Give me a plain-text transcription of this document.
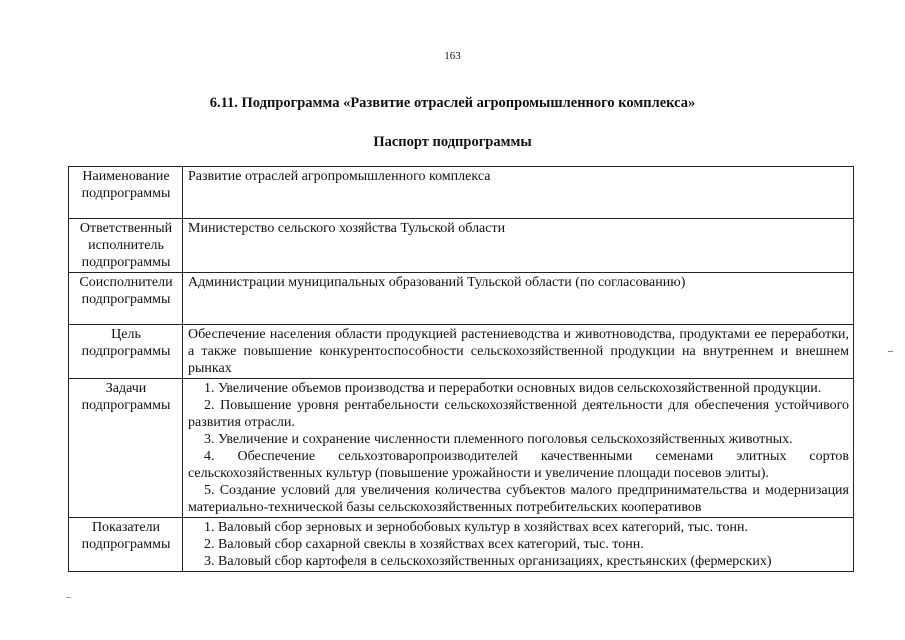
163
6.11. Подпрограмма «Развитие отраслей агропромышленного комплекса»
Паспорт подпрограммы
Наименование подпрограммы	Развитие отраслей агропромышленного комплекса
Ответственный исполнитель подпрограммы	Министерство сельского хозяйства Тульской области
Соисполнители подпрограммы	Администрации муниципальных образований Тульской области (по согласованию)
Цель подпрограммы	Обеспечение населения области продукцией растениеводства и животноводства, продуктами ее переработки, а также повышение конкурентоспособности сельскохозяйственной продукции на внутреннем и внешнем рынках
Задачи подпрограммы	1. Увеличение объемов производства и переработки основных видов сельскохозяйственной продукции.
2. Повышение уровня рентабельности сельскохозяйственной деятельности для обеспечения устойчивого развития отрасли.
3. Увеличение и сохранение численности племенного поголовья сельскохозяйственных животных.
4. Обеспечение сельхозтоваропроизводителей качественными семенами элитных сортов сельскохозяйственных культур (повышение урожайности и увеличение площади посевов элиты).
5. Создание условий для увеличения количества субъектов малого предпринимательства и модернизация материально-технической базы сельскохозяйственных потребительских кооперативов

Показатели подпрограммы	1. Валовый сбор зерновых и зернобобовых культур в хозяйствах всех категорий, тыс. тонн.
2. Валовый сбор сахарной свеклы в хозяйствах всех категорий, тыс. тонн.
3. Валовый сбор картофеля в сельскохозяйственных организациях, крестьянских (фермерских)
